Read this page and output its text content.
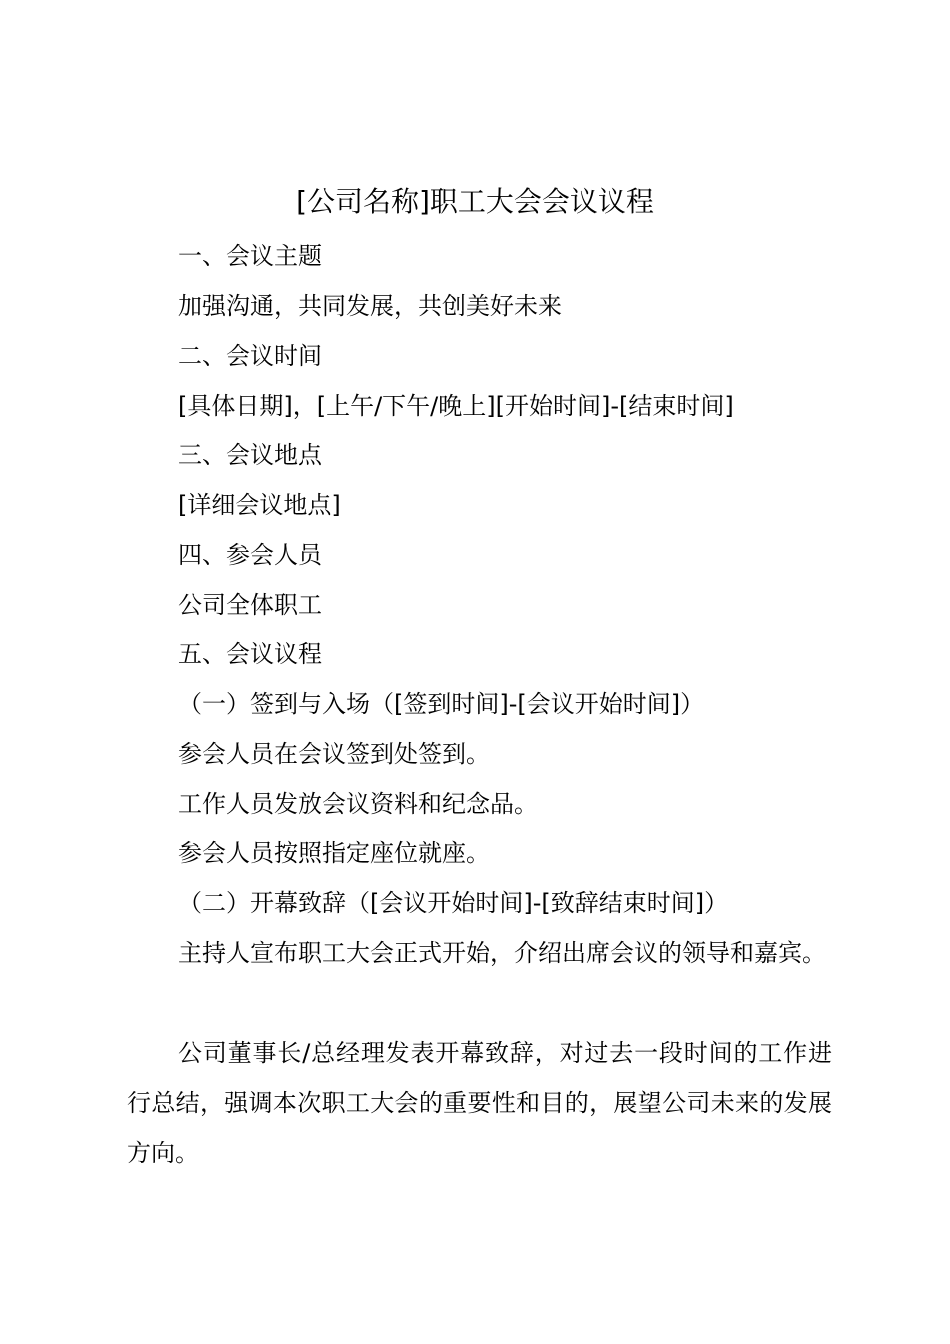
[公司名称]职工大会会议议程
一、会议主题
加强沟通，共同发展，共创美好未来
二、会议时间
[具体日期]，[上午/下午/晚上][开始时间]-[结束时间]
三、会议地点
[详细会议地点]
四、参会人员
公司全体职工
五、会议议程
（一）签到与入场（[签到时间]-[会议开始时间]）
参会人员在会议签到处签到。
工作人员发放会议资料和纪念品。
参会人员按照指定座位就座。
（二）开幕致辞（[会议开始时间]-[致辞结束时间]）
主持人宣布职工大会正式开始，介绍出席会议的领导和嘉宾。
公司董事长/总经理发表开幕致辞，对过去一段时间的工作进行总结，强调本次职工大会的重要性和目的，展望公司未来的发展方向。
